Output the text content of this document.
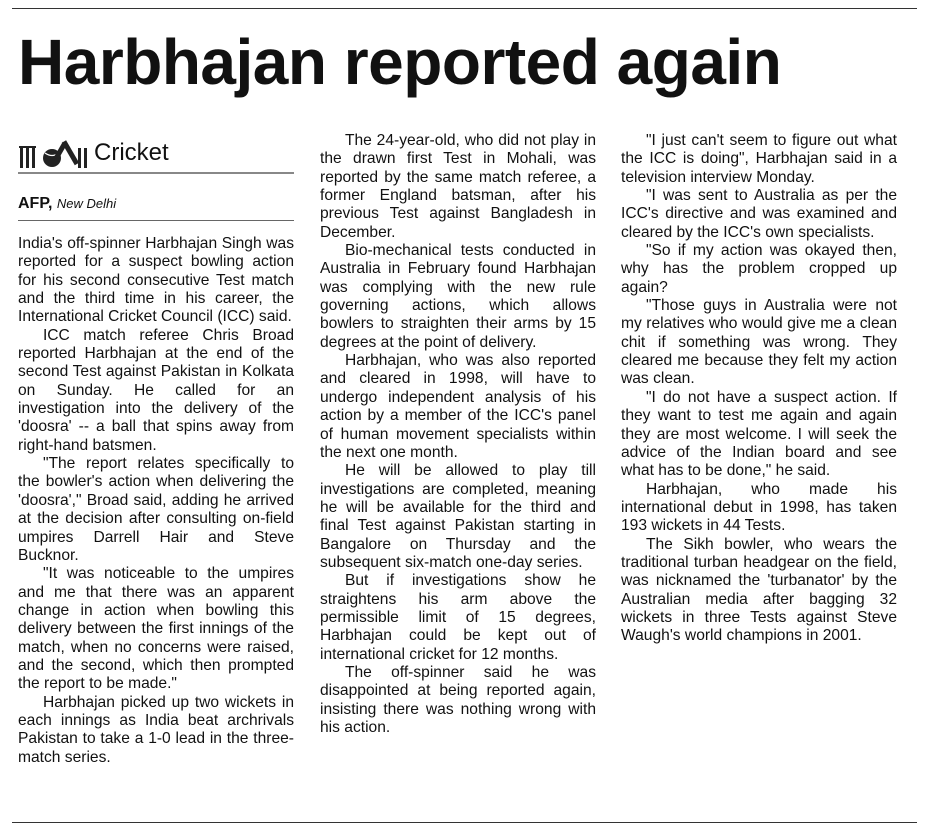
Harbhajan reported again
Cricket
AFP, New Delhi

India's off-spinner Harbhajan Singh was reported for a suspect bowling action for his second consecutive Test match and the third time in his career, the International Cricket Council (ICC) said.

ICC match referee Chris Broad reported Harbhajan at the end of the second Test against Pakistan in Kolkata on Sunday. He called for an investigation into the delivery of the 'doosra' -- a ball that spins away from right-hand batsmen.

"The report relates specifically to the bowler's action when delivering the 'doosra'," Broad said, adding he arrived at the decision after consulting on-field umpires Darrell Hair and Steve Bucknor.

"It was noticeable to the umpires and me that there was an apparent change in action when bowling this delivery between the first innings of the match, when no concerns were raised, and the second, which then prompted the report to be made."

Harbhajan picked up two wickets in each innings as India beat archrivals Pakistan to take a 1-0 lead in the three-match series.

The 24-year-old, who did not play in the drawn first Test in Mohali, was reported by the same match referee, a former England batsman, after his previous Test against Bangladesh in December.

Bio-mechanical tests conducted in Australia in February found Harbhajan was complying with the new rule governing actions, which allows bowlers to straighten their arms by 15 degrees at the point of delivery.

Harbhajan, who was also reported and cleared in 1998, will have to undergo independent analysis of his action by a member of the ICC's panel of human movement specialists within the next one month.

He will be allowed to play till investigations are completed, meaning he will be available for the third and final Test against Pakistan starting in Bangalore on Thursday and the subsequent six-match one-day series.

But if investigations show he straightens his arm above the permissible limit of 15 degrees, Harbhajan could be kept out of international cricket for 12 months.

The off-spinner said he was disappointed at being reported again, insisting there was nothing wrong with his action.

"I just can't seem to figure out what the ICC is doing", Harbhajan said in a television interview Monday.

"I was sent to Australia as per the ICC's directive and was examined and cleared by the ICC's own specialists.

"So if my action was okayed then, why has the problem cropped up again?

"Those guys in Australia were not my relatives who would give me a clean chit if something was wrong. They cleared me because they felt my action was clean.

"I do not have a suspect action. If they want to test me again and again they are most welcome. I will seek the advice of the Indian board and see what has to be done," he said.

Harbhajan, who made his international debut in 1998, has taken 193 wickets in 44 Tests.

The Sikh bowler, who wears the traditional turban headgear on the field, was nicknamed the 'turbanator' by the Australian media after bagging 32 wickets in three Tests against Steve Waugh's world champions in 2001.
